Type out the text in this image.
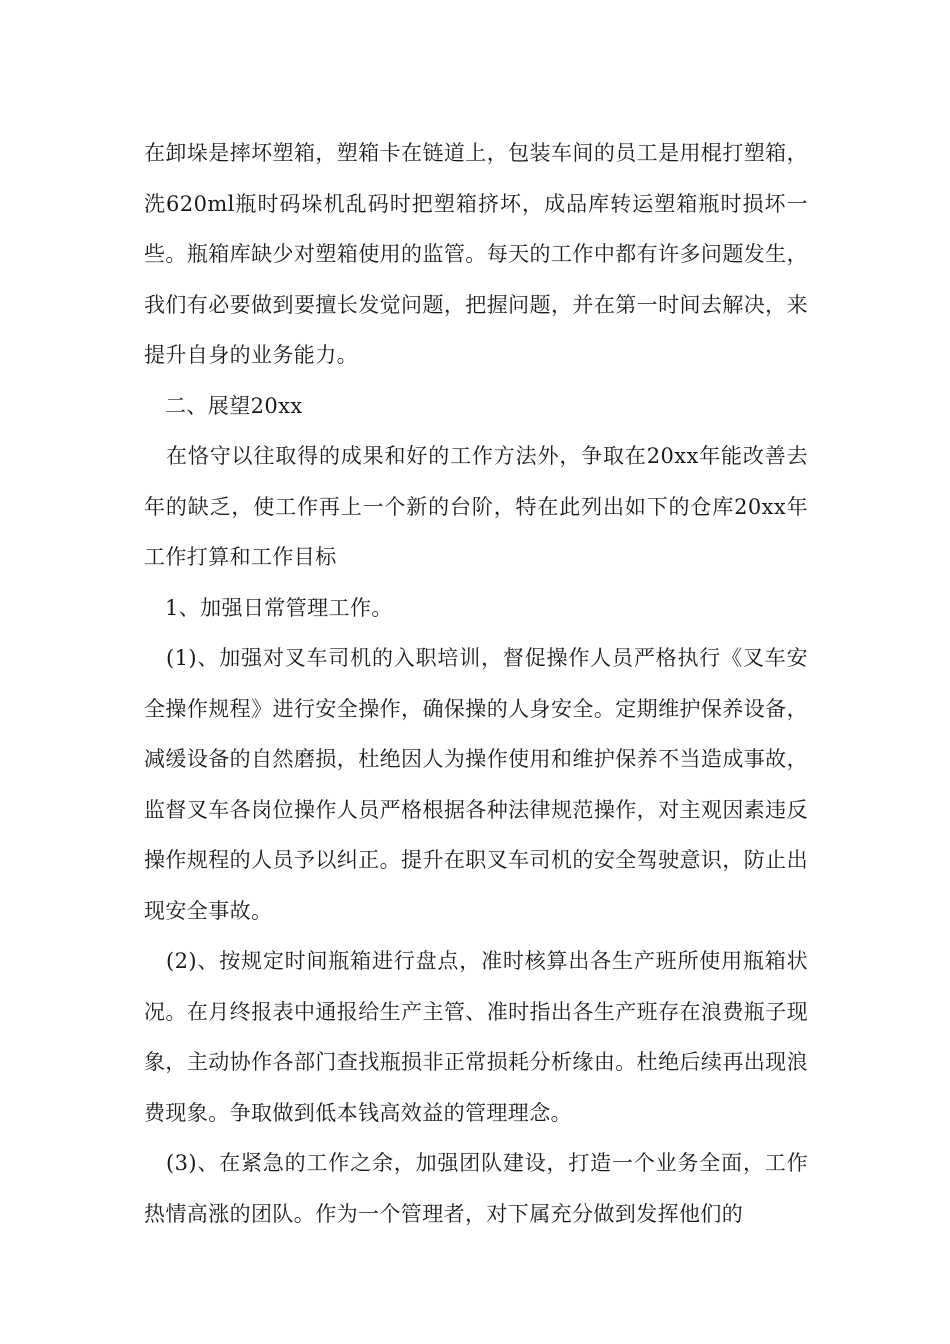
在卸垛是摔坏塑箱，塑箱卡在链道上，包装车间的员工是用棍打塑箱，洗620ml瓶时码垛机乱码时把塑箱挤坏，成品库转运塑箱瓶时损坏一些。瓶箱库缺少对塑箱使用的监管。每天的工作中都有许多问题发生，我们有必要做到要擅长发觉问题，把握问题，并在第一时间去解决，来提升自身的业务能力。

二、展望20xx

在恪守以往取得的成果和好的工作方法外，争取在20xx年能改善去年的缺乏，使工作再上一个新的台阶，特在此列出如下的仓库20xx年工作打算和工作目标

1、加强日常管理工作。

(1)、加强对叉车司机的入职培训，督促操作人员严格执行《叉车安全操作规程》进行安全操作，确保操的人身安全。定期维护保养设备，减缓设备的自然磨损，杜绝因人为操作使用和维护保养不当造成事故，监督叉车各岗位操作人员严格根据各种法律规范操作，对主观因素违反操作规程的人员予以纠正。提升在职叉车司机的安全驾驶意识，防止出现安全事故。

(2)、按规定时间瓶箱进行盘点，准时核算出各生产班所使用瓶箱状况。在月终报表中通报给生产主管、准时指出各生产班存在浪费瓶子现象，主动协作各部门查找瓶损非正常损耗分析缘由。杜绝后续再出现浪费现象。争取做到低本钱高效益的管理理念。

(3)、在紧急的工作之余，加强团队建设，打造一个业务全面，工作热情高涨的团队。作为一个管理者，对下属充分做到发挥他们的
